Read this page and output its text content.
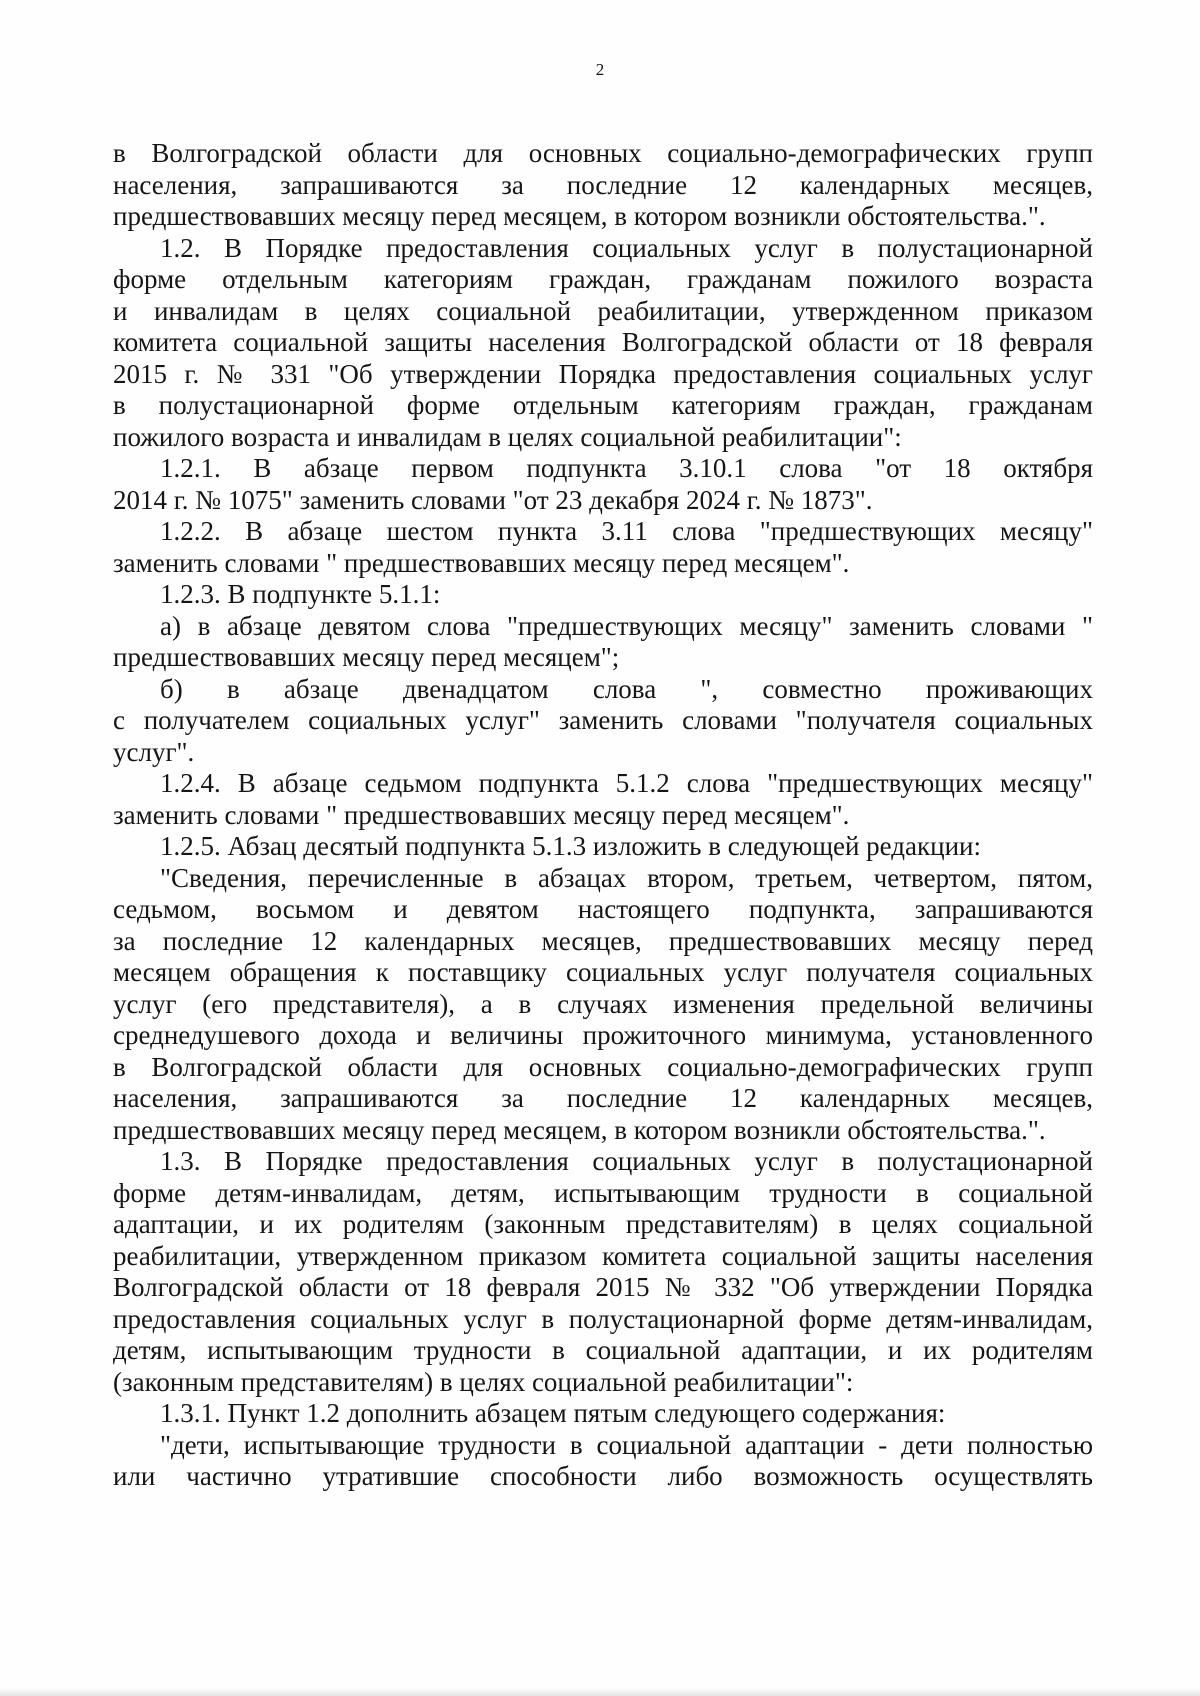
2
в Волгоградской области для основных социально-демографических групп
населения, запрашиваются за последние 12 календарных месяцев,
предшествовавших месяцу перед месяцем, в котором возникли обстоятельства.".
1.2. В Порядке предоставления социальных услуг в полустационарной
форме отдельным категориям граждан, гражданам пожилого возраста
и инвалидам в целях социальной реабилитации, утвержденном приказом
комитета социальной защиты населения Волгоградской области от 18 февраля
2015 г. № 331 "Об утверждении Порядка предоставления социальных услуг
в полустационарной форме отдельным категориям граждан, гражданам
пожилого возраста и инвалидам в целях социальной реабилитации":
1.2.1. В абзаце первом подпункта 3.10.1 слова "от 18 октября
2014 г. № 1075" заменить словами "от 23 декабря 2024 г. № 1873".
1.2.2. В абзаце шестом пункта 3.11 слова "предшествующих месяцу"
заменить словами " предшествовавших месяцу перед месяцем".
1.2.3. В подпункте 5.1.1:
а) в абзаце девятом слова "предшествующих месяцу" заменить словами "
предшествовавших месяцу перед месяцем";
б) в абзаце двенадцатом слова ", совместно проживающих
с получателем социальных услуг" заменить словами "получателя социальных
услуг".
1.2.4. В абзаце седьмом подпункта 5.1.2 слова "предшествующих месяцу"
заменить словами " предшествовавших месяцу перед месяцем".
1.2.5. Абзац десятый подпункта 5.1.3 изложить в следующей редакции:
"Сведения, перечисленные в абзацах втором, третьем, четвертом, пятом,
седьмом, восьмом и девятом настоящего подпункта, запрашиваются
за последние 12 календарных месяцев, предшествовавших месяцу перед
месяцем обращения к поставщику социальных услуг получателя социальных
услуг (его представителя), а в случаях изменения предельной величины
среднедушевого дохода и величины прожиточного минимума, установленного
в Волгоградской области для основных социально-демографических групп
населения, запрашиваются за последние 12 календарных месяцев,
предшествовавших месяцу перед месяцем, в котором возникли обстоятельства.".
1.3. В Порядке предоставления социальных услуг в полустационарной
форме детям-инвалидам, детям, испытывающим трудности в социальной
адаптации, и их родителям (законным представителям) в целях социальной
реабилитации, утвержденном приказом комитета социальной защиты населения
Волгоградской области от 18 февраля 2015 № 332 "Об утверждении Порядка
предоставления социальных услуг в полустационарной форме детям-инвалидам,
детям, испытывающим трудности в социальной адаптации, и их родителям
(законным представителям) в целях социальной реабилитации":
1.3.1. Пункт 1.2 дополнить абзацем пятым следующего содержания:
"дети, испытывающие трудности в социальной адаптации - дети полностью
или частично утратившие способности либо возможность осуществлять
